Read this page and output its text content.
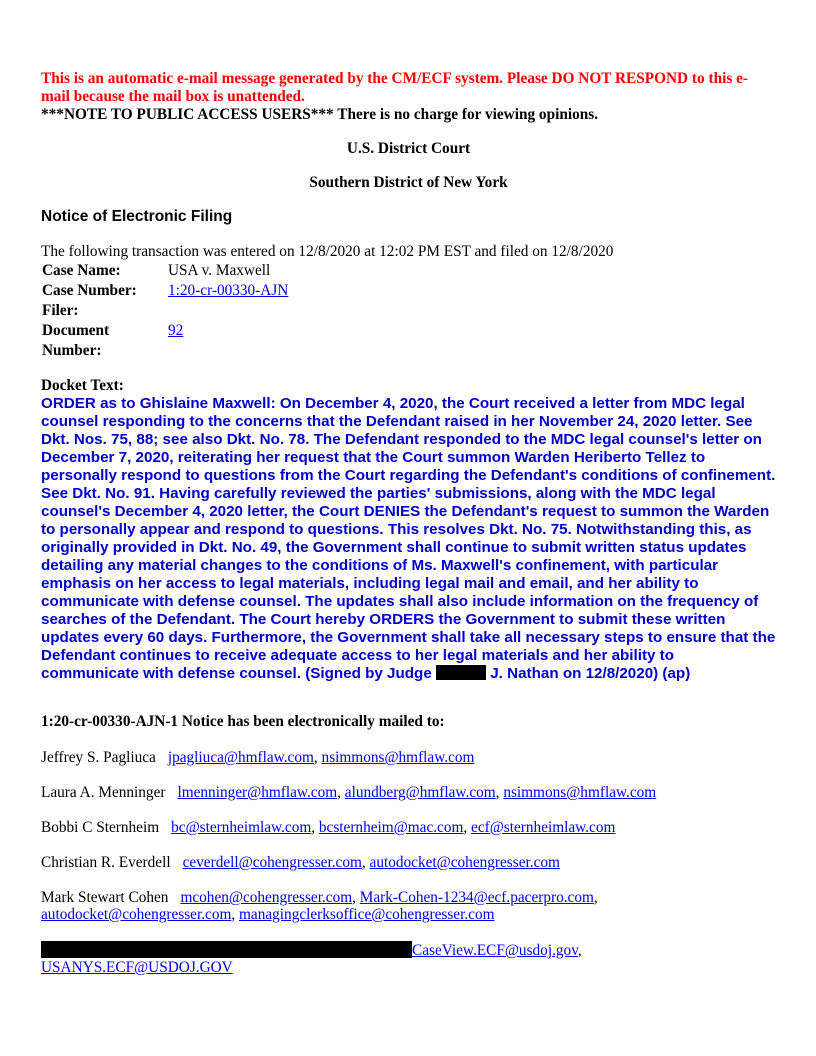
This is an automatic e-mail message generated by the CM/ECF system. Please DO NOT RESPOND to this e-mail because the mail box is unattended.

***NOTE TO PUBLIC ACCESS USERS*** There is no charge for viewing opinions.

U.S. District Court

Southern District of New York

Notice of Electronic Filing

The following transaction was entered on 12/8/2020 at 12:02 PM EST and filed on 12/8/2020

Case Name:	USA v. Maxwell
Case Number:	1:20-cr-00330-AJN
Filer:	
Document Number:	92

Docket Text:

ORDER as to Ghislaine Maxwell: On December 4, 2020, the Court received a letter from MDC legal counsel responding to the concerns that the Defendant raised in her November 24, 2020 letter. See Dkt. Nos. 75, 88; see also Dkt. No. 78. The Defendant responded to the MDC legal counsel's letter on December 7, 2020, reiterating her request that the Court summon Warden Heriberto Tellez to personally respond to questions from the Court regarding the Defendant's conditions of confinement. See Dkt. No. 91. Having carefully reviewed the parties' submissions, along with the MDC legal counsel's December 4, 2020 letter, the Court DENIES the Defendant's request to summon the Warden to personally appear and respond to questions. This resolves Dkt. No. 75. Notwithstanding this, as originally provided in Dkt. No. 49, the Government shall continue to submit written status updates detailing any material changes to the conditions of Ms. Maxwell's confinement, with particular emphasis on her access to legal materials, including legal mail and email, and her ability to communicate with defense counsel. The updates shall also include information on the frequency of searches of the Defendant. The Court hereby ORDERS the Government to submit these written updates every 60 days. Furthermore, the Government shall take all necessary steps to ensure that the Defendant continues to receive adequate access to her legal materials and her ability to communicate with defense counsel. (Signed by Judge	J. Nathan on 12/8/2020) (ap)

1:20-cr-00330-AJN-1 Notice has been electronically mailed to:

Jeffrey S. Pagliuca jpagliuca@hmflaw.com, nsimmons@hmflaw.com

Laura A. Menninger lmenninger@hmflaw.com, alundberg@hmflaw.com, nsimmons@hmflaw.com

Bobbi C Sternheim bc@sternheimlaw.com, bcsternheim@mac.com, ecf@sternheimlaw.com

Christian R. Everdell ceverdell@cohengresser.com, autodocket@cohengresser.com

Mark Stewart Cohen mcohen@cohengresser.com, Mark-Cohen-1234@ecf.pacerpro.com, autodocket@cohengresser.com, managingclerksoffice@cohengresser.com

CaseView.ECF@usdoj.gov, USANYS.ECF@USDOJ.GOV
